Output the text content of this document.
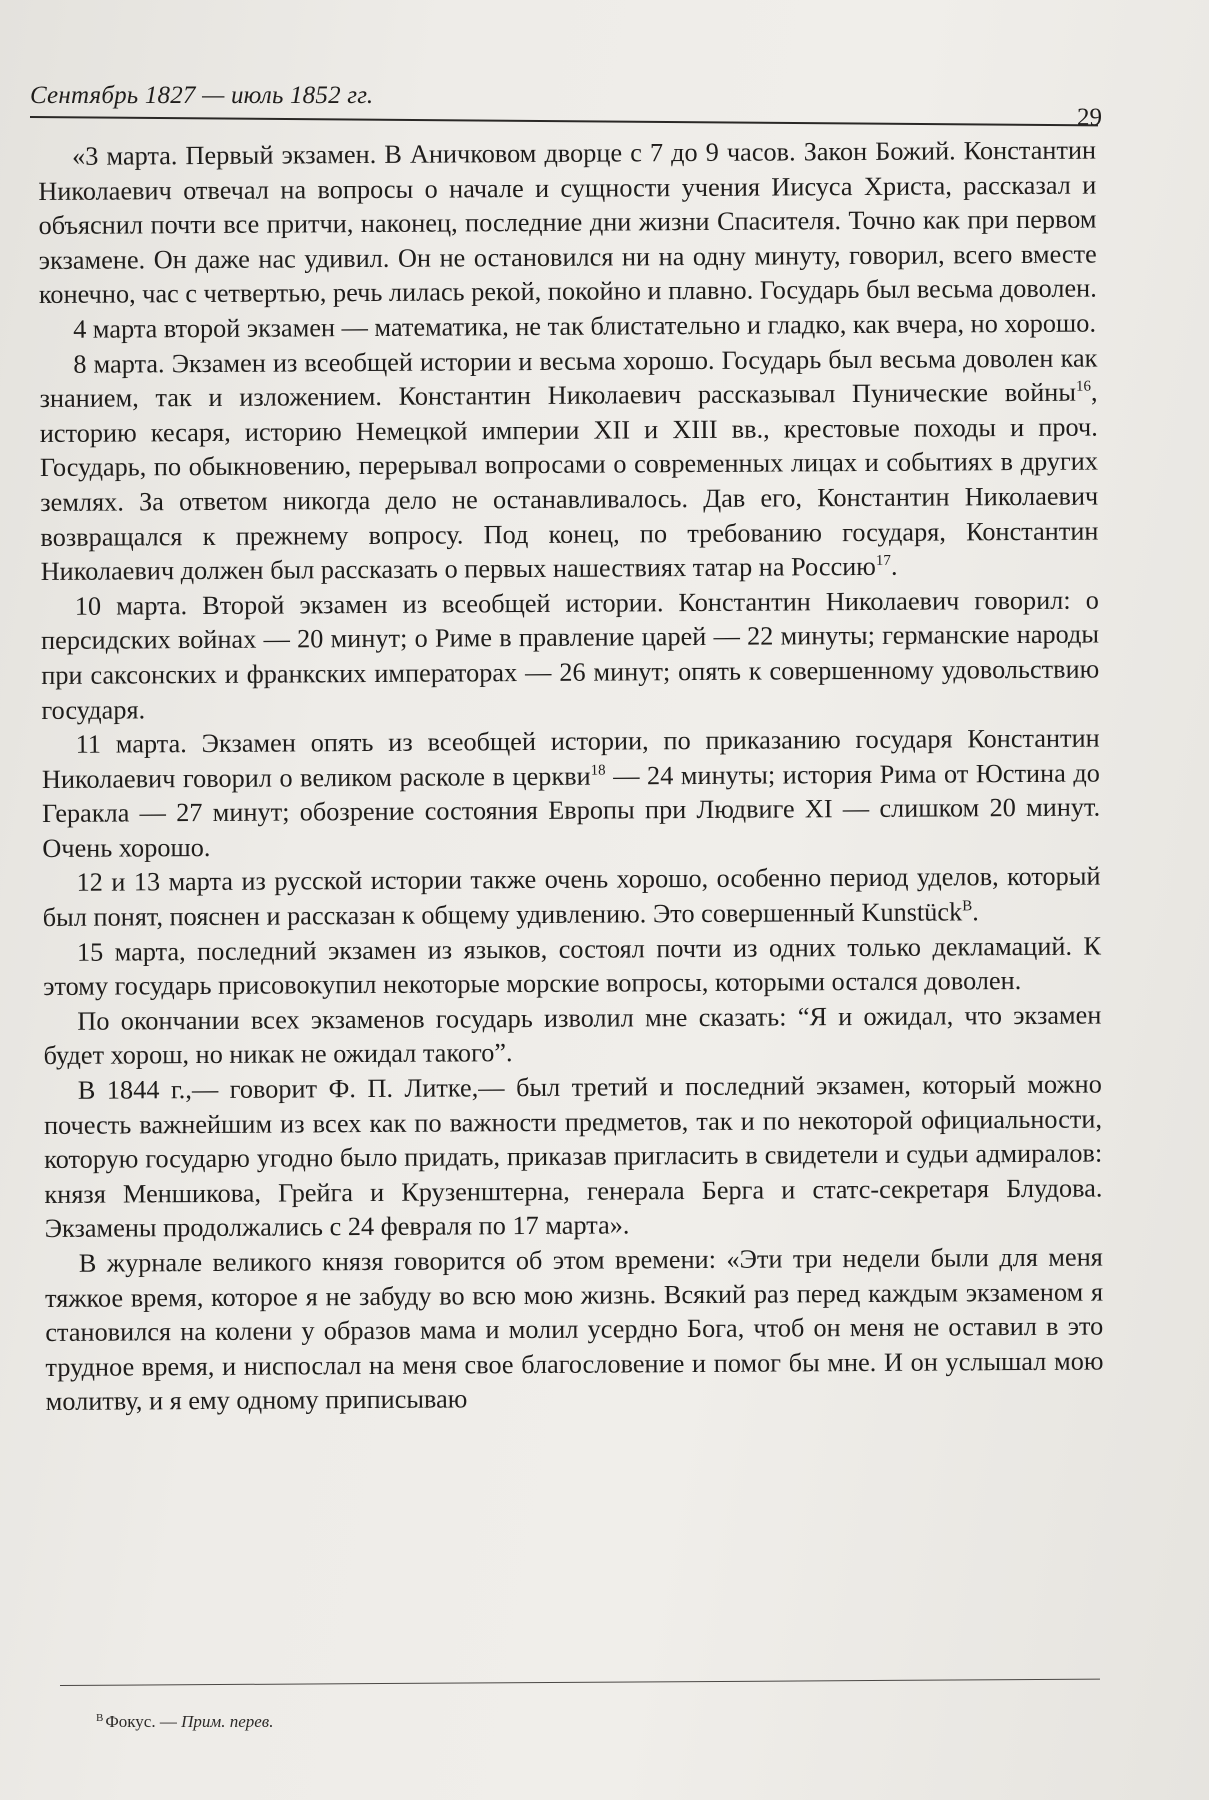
Сентябрь 1827 — июль 1852 гг.
29

«3 марта. Первый экзамен. В Аничковом дворце с 7 до 9 часов. Закон Божий. Константин Николаевич отвечал на вопросы о начале и сущности учения Иисуса Христа, рассказал и объяснил почти все притчи, наконец, последние дни жизни Спасителя. Точно как при первом экзамене. Он даже нас удивил. Он не остановился ни на одну минуту, говорил, всего вместе конечно, час с четвертью, речь лилась рекой, покойно и плавно. Государь был весьма доволен.

4 марта второй экзамен — математика, не так блистательно и гладко, как вчера, но хорошо.

8 марта. Экзамен из всеобщей истории и весьма хорошо. Государь был весьма доволен как знанием, так и изложением. Константин Николаевич рассказывал Пунические войны$^{16}$, историю кесаря, историю Немецкой империи XII и XIII вв., крестовые походы и проч. Государь, по обыкновению, перерывал вопросами о современных лицах и событиях в других землях. За ответом никогда дело не останавливалось. Дав его, Константин Николаевич возвращался к прежнему вопросу. Под конец, по требованию государя, Константин Николаевич должен был рассказать о первых нашествиях татар на Россию$^{17}$.

10 марта. Второй экзамен из всеобщей истории. Константин Николаевич говорил: о персидских войнах — 20 минут; о Риме в правление царей — 22 минуты; германские народы при саксонских и франкских императорах — 26 минут; опять к совершенному удовольствию государя.

11 марта. Экзамен опять из всеобщей истории, по приказанию государя Константин Николаевич говорил о великом расколе в церкви$^{18}$ — 24 минуты; история Рима от Юстина до Геракла — 27 минут; обозрение состояния Европы при Людвиге XI — слишком 20 минут. Очень хорошо.

12 и 13 марта из русской истории также очень хорошо, особенно период уделов, который был понят, пояснен и рассказан к общему удивлению. Это совершенный Kunstück$^В$.

15 марта, последний экзамен из языков, состоял почти из одних только декламаций. К этому государь присовокупил некоторые морские вопросы, которыми остался доволен.

По окончании всех экзаменов государь изволил мне сказать: “Я и ожидал, что экзамен будет хорош, но никак не ожидал такого”.

В 1844 г.,— говорит Ф. П. Литке,— был третий и последний экзамен, который можно почесть важнейшим из всех как по важности предметов, так и по некоторой официальности, которую государю угодно было придать, приказав пригласить в свидетели и судьи адмиралов: князя Меншикова, Грейга и Крузенштерна, генерала Берга и статс-секретаря Блудова. Экзамены продолжались с 24 февраля по 17 марта».

В журнале великого князя говорится об этом времени: «Эти три недели были для меня тяжкое время, которое я не забуду во всю мою жизнь. Всякий раз перед каждым экзаменом я становился на колени у образов мама и молил усердно Бога, чтоб он меня не оставил в это трудное время, и ниспослал на меня свое благословение и помог бы мне. И он услышал мою молитву, и я ему одному приписываю

$^В$ Фокус. — Прим. перев.
